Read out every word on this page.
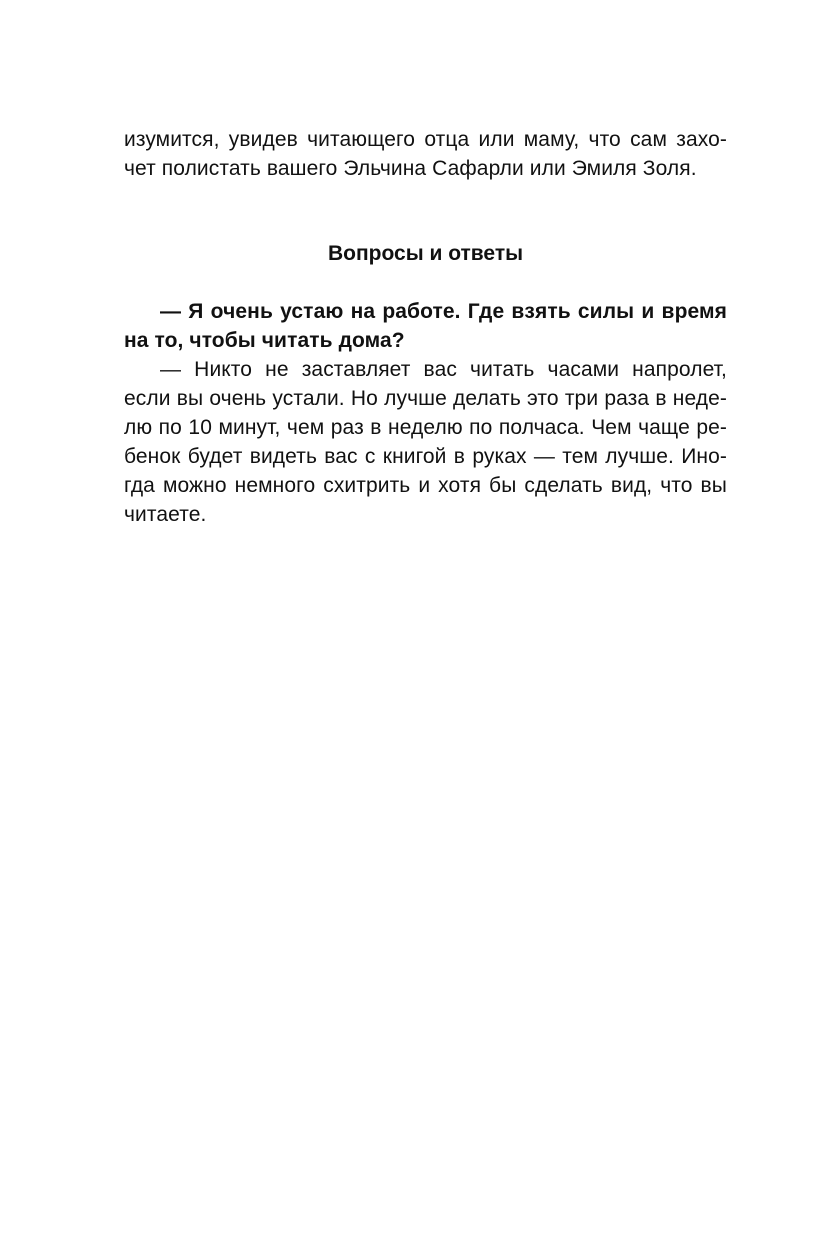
изумится, увидев читающего отца или маму, что сам захо-
чет полистать вашего Эльчина Сафарли или Эмиля Золя.
Вопросы и ответы
— Я очень устаю на работе. Где взять силы и время
на то, чтобы читать дома?
— Никто не заставляет вас читать часами напролет,
если вы очень устали. Но лучше делать это три раза в неде-
лю по 10 минут, чем раз в неделю по полчаса. Чем чаще ре-
бенок будет видеть вас с книгой в руках — тем лучше. Ино-
гда можно немного схитрить и хотя бы сделать вид, что вы
читаете.
